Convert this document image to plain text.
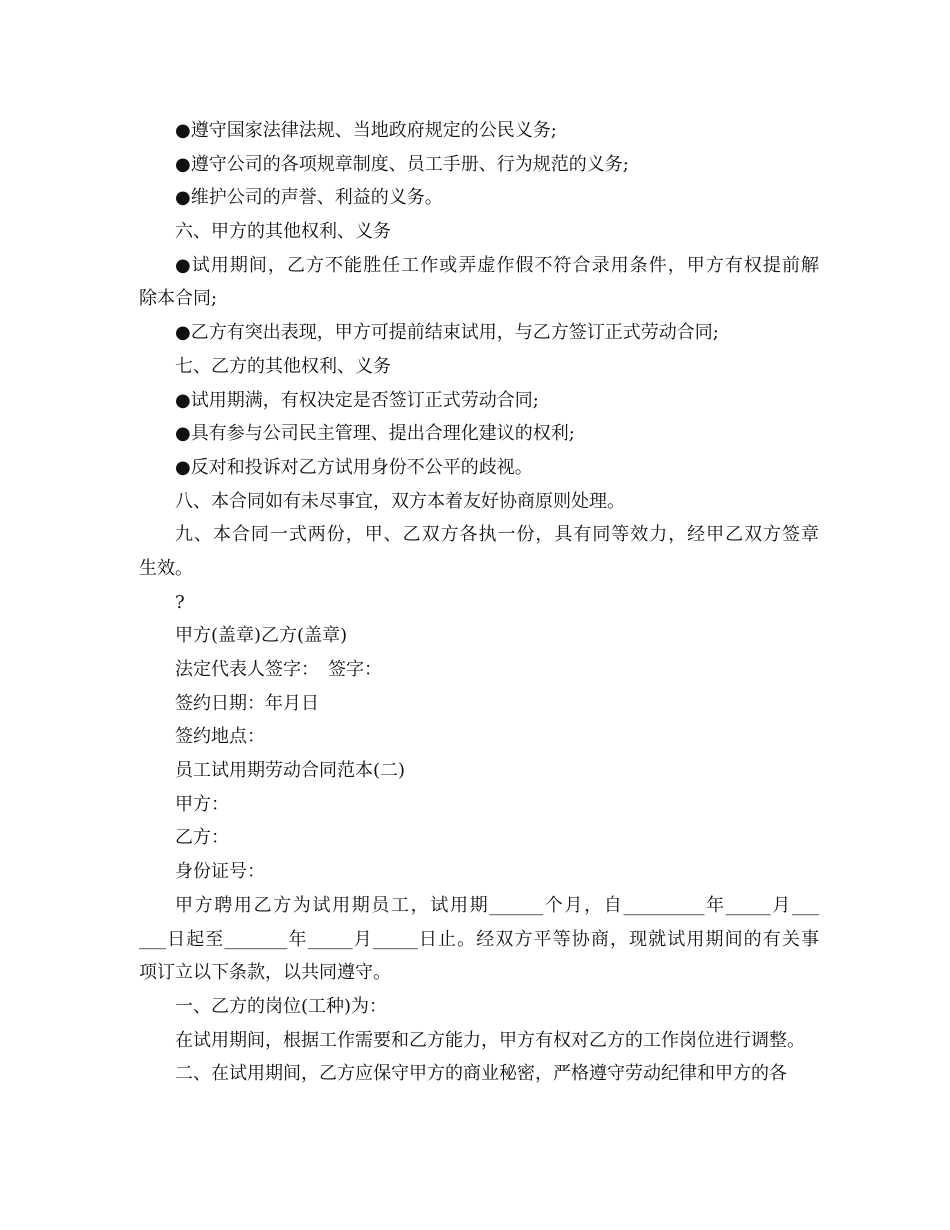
●遵守国家法律法规、当地政府规定的公民义务;
●遵守公司的各项规章制度、员工手册、行为规范的义务;
●维护公司的声誉、利益的义务。
六、甲方的其他权利、义务
●试用期间，乙方不能胜任工作或弄虚作假不符合录用条件，甲方有权提前解
除本合同;
●乙方有突出表现，甲方可提前结束试用，与乙方签订正式劳动合同;
七、乙方的其他权利、义务
●试用期满，有权决定是否签订正式劳动合同;
●具有参与公司民主管理、提出合理化建议的权利;
●反对和投诉对乙方试用身份不公平的歧视。
八、本合同如有未尽事宜，双方本着友好协商原则处理。
九、本合同一式两份，甲、乙双方各执一份，具有同等效力，经甲乙双方签章
生效。
?
甲方(盖章)乙方(盖章)
法定代表人签字：　签字：
签约日期：年月日
签约地点：
员工试用期劳动合同范本(二)
甲方：
乙方：
身份证号：
甲方聘用乙方为试用期员工，试用期______个月，自_________年_____月___
___日起至_______年_____月_____日止。经双方平等协商，现就试用期间的有关事
项订立以下条款，以共同遵守。
一、乙方的岗位(工种)为：
在试用期间，根据工作需要和乙方能力，甲方有权对乙方的工作岗位进行调整。
二、在试用期间，乙方应保守甲方的商业秘密，严格遵守劳动纪律和甲方的各
